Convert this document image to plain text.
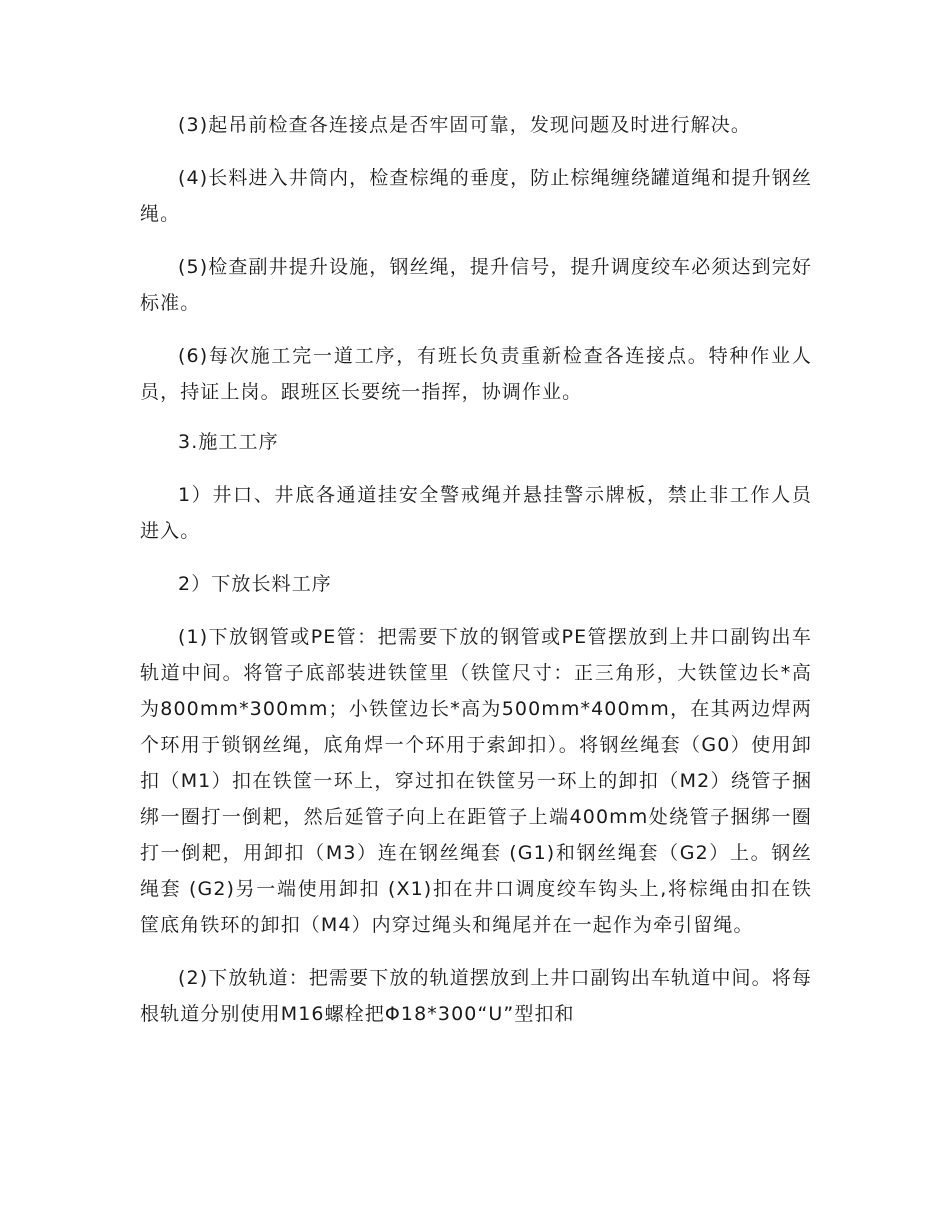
(3)起吊前检查各连接点是否牢固可靠，发现问题及时进行解决。

(4)长料进入井筒内，检查棕绳的垂度，防止棕绳缠绕罐道绳和提升钢丝绳。

(5)检查副井提升设施，钢丝绳，提升信号，提升调度绞车必须达到完好标准。

(6)每次施工完一道工序，有班长负责重新检查各连接点。特种作业人员，持证上岗。跟班区长要统一指挥，协调作业。

3.施工工序

1）井口、井底各通道挂安全警戒绳并悬挂警示牌板，禁止非工作人员进入。

2）下放长料工序

(1)下放钢管或PE管：把需要下放的钢管或PE管摆放到上井口副钩出车轨道中间。将管子底部装进铁筐里（铁筐尺寸：正三角形，大铁筐边长*高为800mm*300mm；小铁筐边长*高为500mm*400mm，在其两边焊两个环用于锁钢丝绳，底角焊一个环用于索卸扣）。将钢丝绳套（G0）使用卸扣（M1）扣在铁筐一环上，穿过扣在铁筐另一环上的卸扣（M2）绕管子捆绑一圈打一倒耙，然后延管子向上在距管子上端400mm处绕管子捆绑一圈打一倒耙，用卸扣（M3）连在钢丝绳套 (G1)和钢丝绳套（G2）上。钢丝绳套 (G2)另一端使用卸扣 (X1)扣在井口调度绞车钩头上,将棕绳由扣在铁筐底角铁环的卸扣（M4）内穿过绳头和绳尾并在一起作为牵引留绳。

(2)下放轨道：把需要下放的轨道摆放到上井口副钩出车轨道中间。将每根轨道分别使用M16螺栓把Φ18*300“U”型扣和
